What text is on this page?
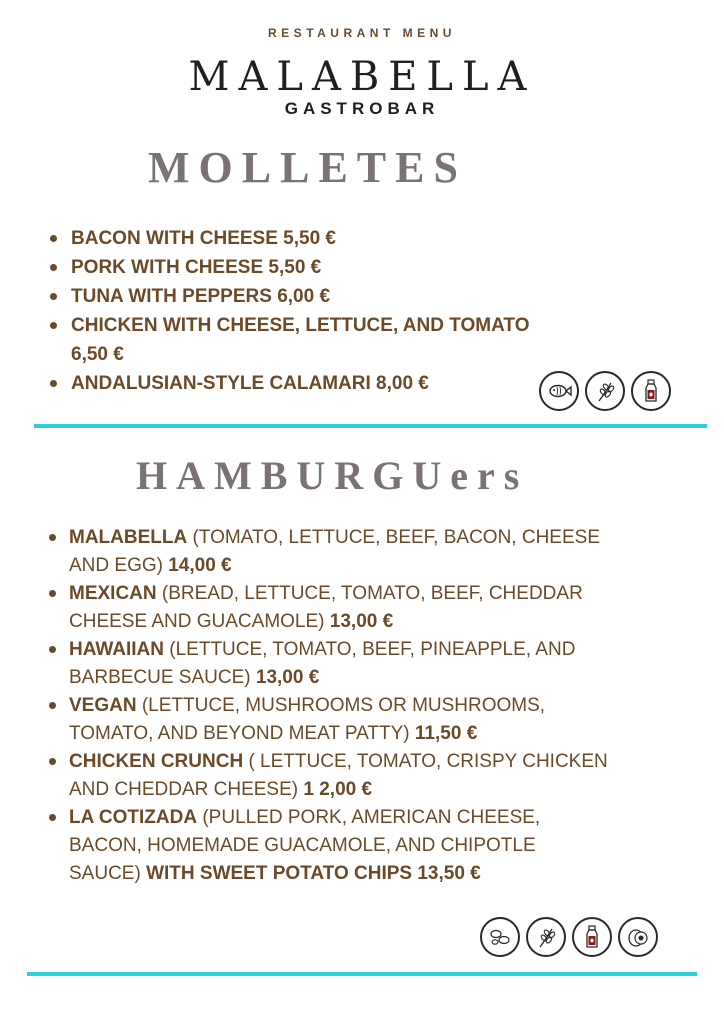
RESTAURANT MENU
MALABELLA
GASTROBAR
MOLLETES
BACON WITH CHEESE 5,50 €
PORK WITH CHEESE 5,50 €
TUNA WITH PEPPERS 6,00 €
CHICKEN WITH CHEESE, LETTUCE, AND TOMATO 6,50 €
ANDALUSIAN-STYLE CALAMARI 8,00 €
HAMBURGUers
MALABELLA (TOMATO, LETTUCE, BEEF, BACON, CHEESE AND EGG) 14,00 €
MEXICAN (BREAD, LETTUCE, TOMATO, BEEF, CHEDDAR CHEESE AND GUACAMOLE) 13,00 €
HAWAIIAN (LETTUCE, TOMATO, BEEF, PINEAPPLE, AND BARBECUE SAUCE) 13,00 €
VEGAN (LETTUCE, MUSHROOMS OR MUSHROOMS, TOMATO, AND BEYOND MEAT PATTY) 11,50 €
CHICKEN CRUNCH ( LETTUCE, TOMATO, CRISPY CHICKEN AND CHEDDAR CHEESE) 1 2,00 €
LA COTIZADA (PULLED PORK, AMERICAN CHEESE, BACON, HOMEMADE GUACAMOLE, AND CHIPOTLE SAUCE) WITH SWEET POTATO CHIPS 13,50 €
